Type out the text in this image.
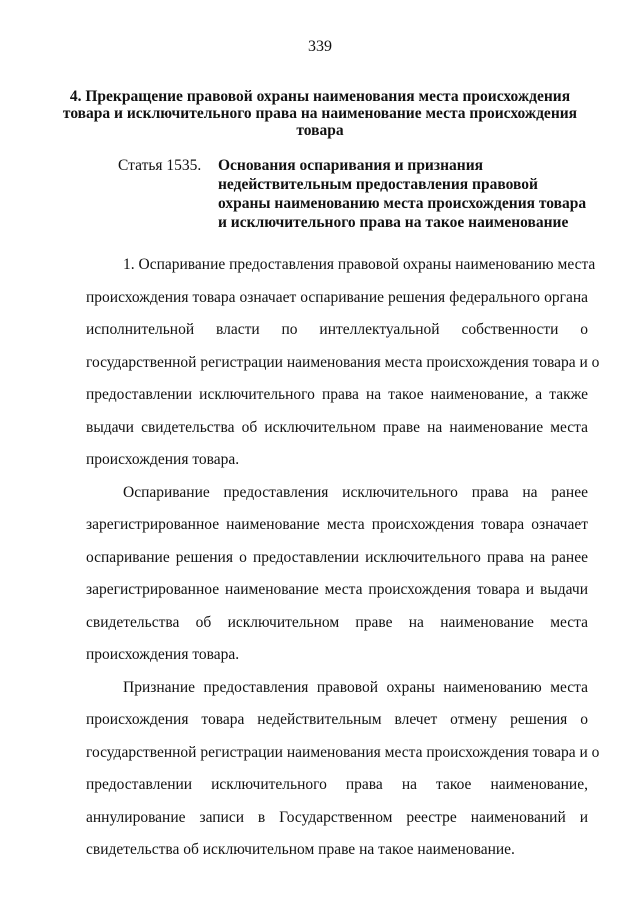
339
4. Прекращение правовой охраны наименования места происхождения
товара и исключительного права на наименование места происхождения
товара
Статья 1535. Основания оспаривания и признания
недействительным предоставления правовой
охраны наименованию места происхождения товара
и исключительного права на такое наименование
1. Оспаривание предоставления правовой охраны наименованию места
происхождения товара означает оспаривание решения федерального органа
исполнительной власти по интеллектуальной собственности о
государственной регистрации наименования места происхождения товара и о
предоставлении исключительного права на такое наименование, а также
выдачи свидетельства об исключительном праве на наименование места
происхождения товара.
Оспаривание предоставления исключительного права на ранее
зарегистрированное наименование места происхождения товара означает
оспаривание решения о предоставлении исключительного права на ранее
зарегистрированное наименование места происхождения товара и выдачи
свидетельства об исключительном праве на наименование места
происхождения товара.
Признание предоставления правовой охраны наименованию места
происхождения товара недействительным влечет отмену решения о
государственной регистрации наименования места происхождения товара и о
предоставлении исключительного права на такое наименование,
аннулирование записи в Государственном реестре наименований и
свидетельства об исключительном праве на такое наименование.
